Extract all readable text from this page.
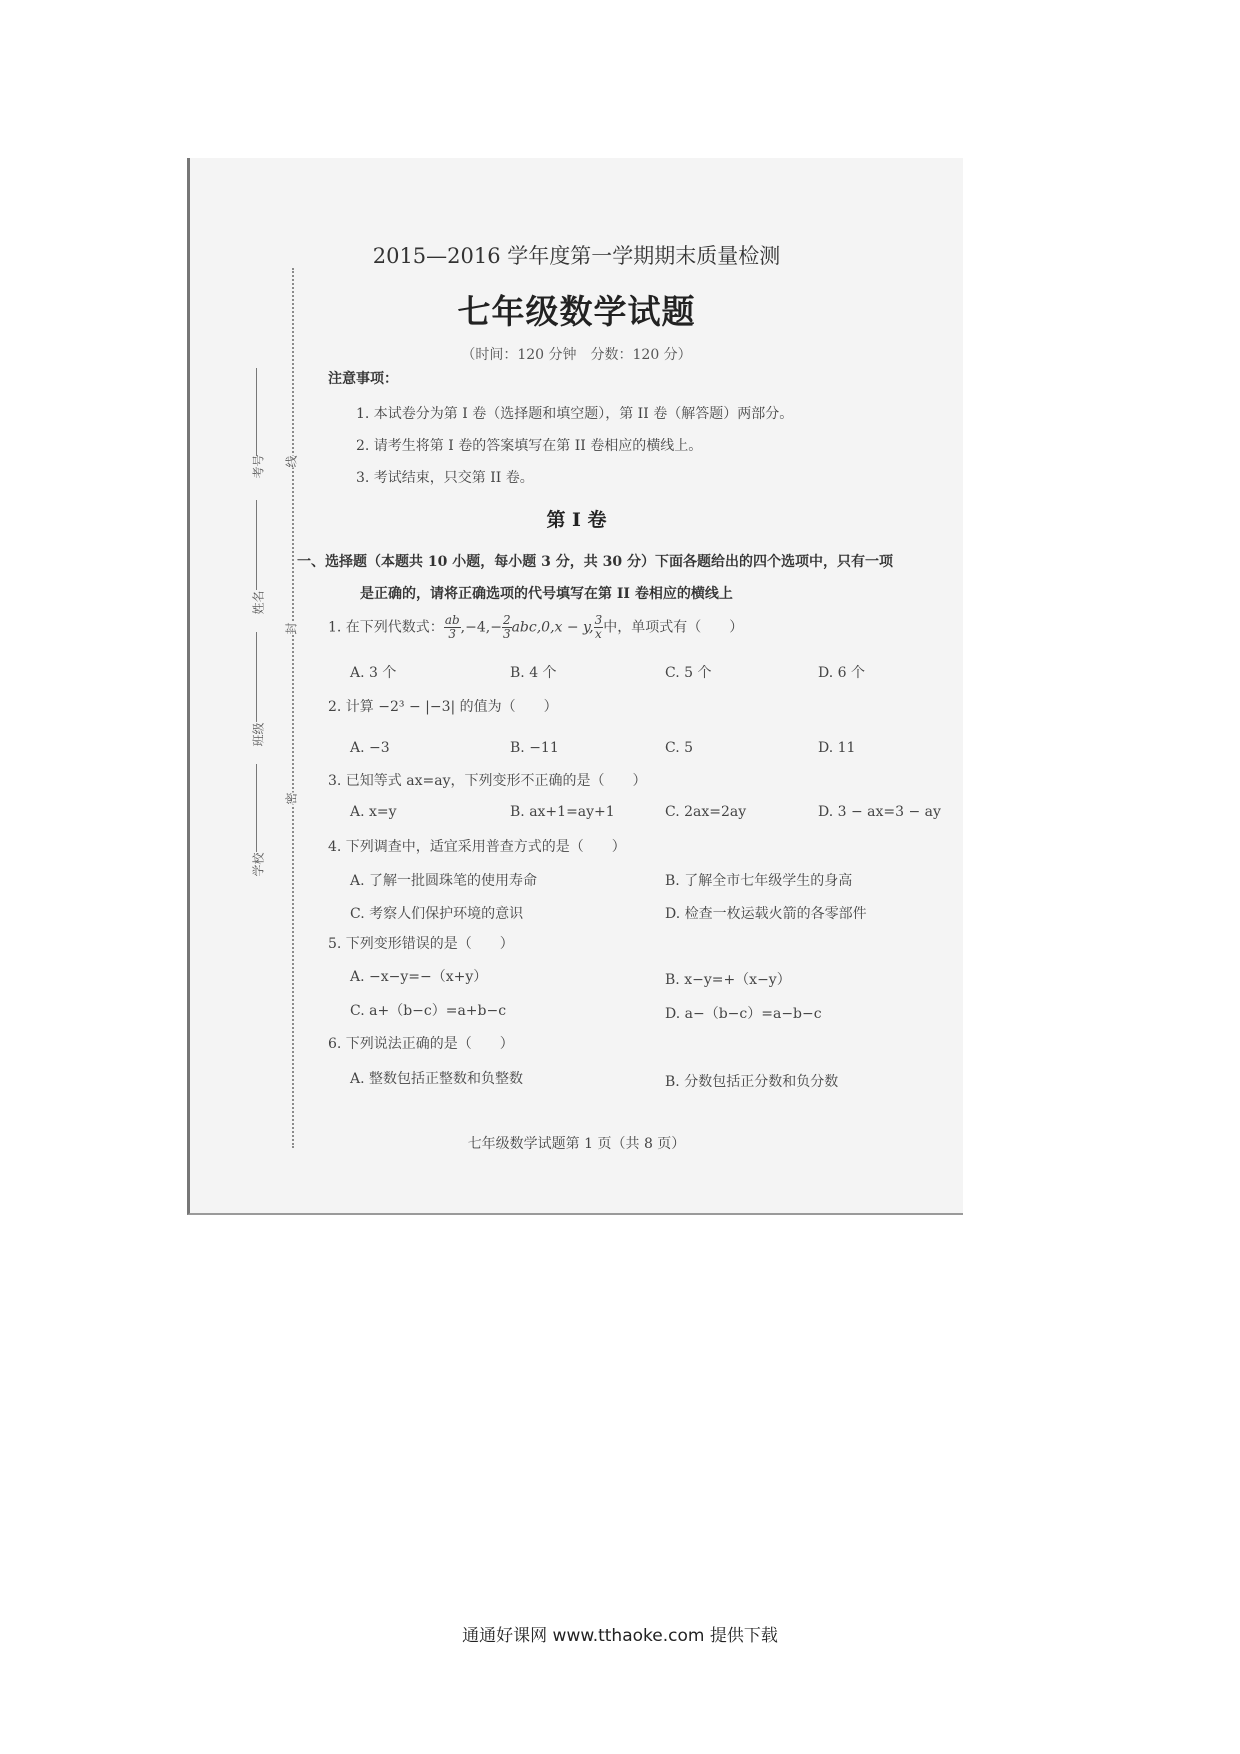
线
封
密
考号
姓名
班级
学校
2015—2016 学年度第一学期期末质量检测
七年级数学试题
（时间：120 分钟　分数：120 分）
注意事项：
1. 本试卷分为第 I 卷（选择题和填空题），第 II 卷（解答题）两部分。
2. 请考生将第 I 卷的答案填写在第 II 卷相应的横线上。
3. 考试结束，只交第 II 卷。
第 I 卷
一、选择题（本题共 10 小题，每小题 3 分，共 30 分）下面各题给出的四个选项中，只有一项
是正确的，请将正确选项的代号填写在第 II 卷相应的横线上
1. 在下列代数式： $\frac{ab}{3} ,-4,- \frac{2}{3} abc,0,x - y$, $\frac{3}{x}$ 中，单项式有（　　）
A. 3 个	B. 4 个	C. 5 个	D. 6 个
2. 计算 −2³ − |−3| 的值为（　　）
A. −3	B. −11	C. 5	D. 11
3. 已知等式 ax=ay，下列变形不正确的是（　　）
A. x=y	B. ax+1=ay+1	C. 2ax=2ay	D. 3 − ax=3 − ay
4. 下列调查中，适宜采用普查方式的是（　　）
A. 了解一批圆珠笔的使用寿命	B. 了解全市七年级学生的身高
C. 考察人们保护环境的意识	D. 检查一枚运载火箭的各零部件
5. 下列变形错误的是（　　）
A. −x−y=−（x+y）	B. x−y=+（x−y）
C. a+（b−c）=a+b−c	D. a−（b−c）=a−b−c
6. 下列说法正确的是（　　）
A. 整数包括正整数和负整数	B. 分数包括正分数和负分数
七年级数学试题第 1 页（共 8 页）
通通好课网 www.tthaoke.com 提供下载
